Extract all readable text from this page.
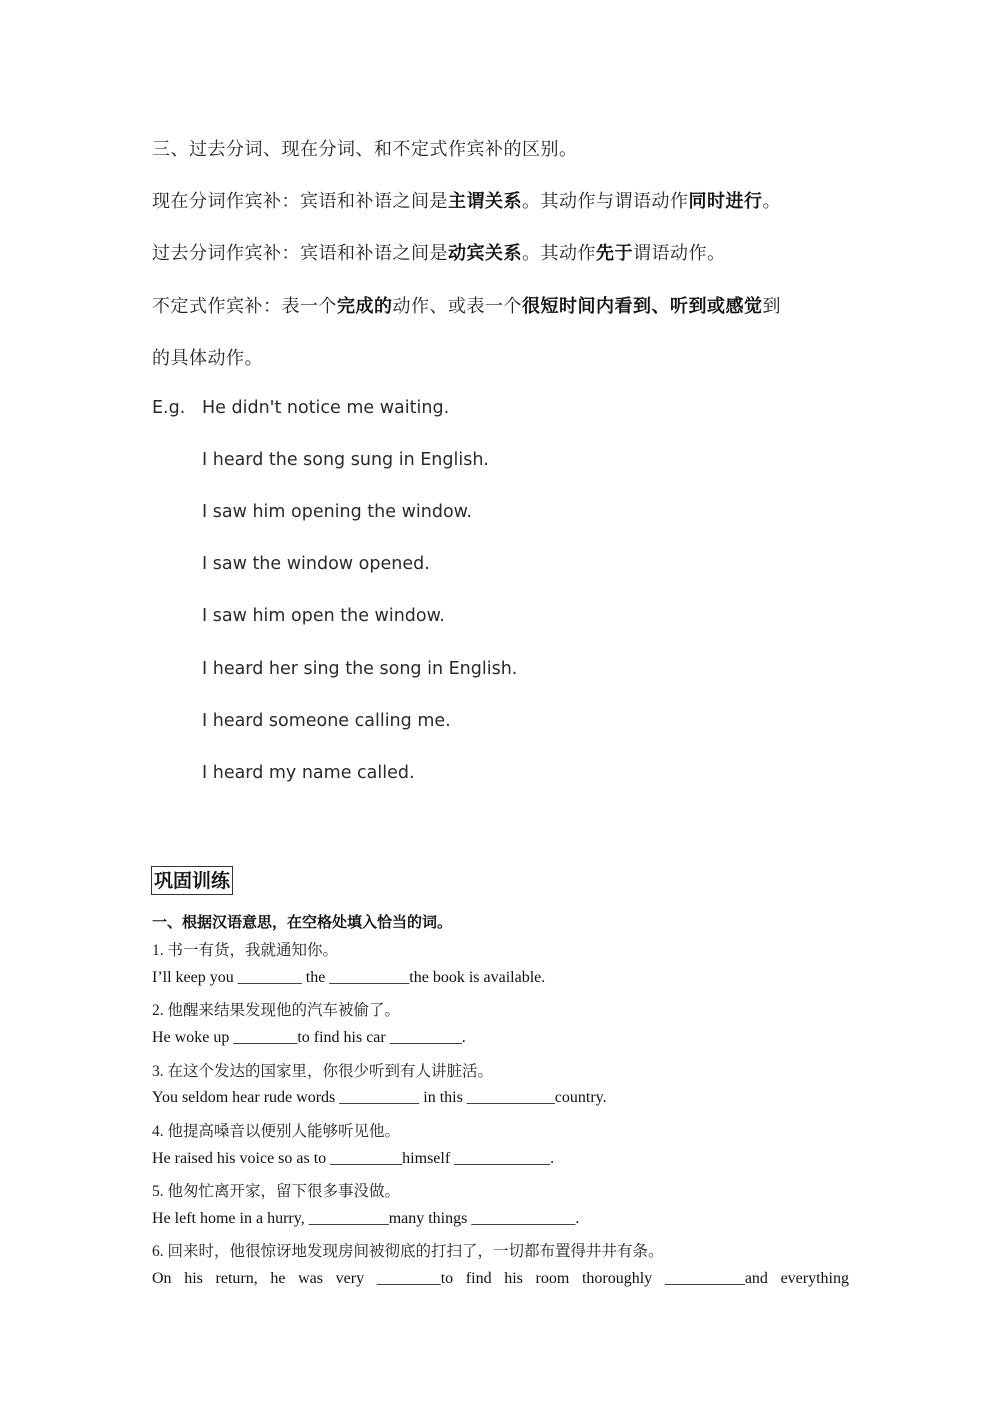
三、过去分词、现在分词、和不定式作宾补的区别。
现在分词作宾补：宾语和补语之间是主谓关系。其动作与谓语动作同时进行。
过去分词作宾补：宾语和补语之间是动宾关系。其动作先于谓语动作。
不定式作宾补：表一个完成的动作、或表一个很短时间内看到、听到或感觉到
的具体动作。
E.g. He didn't notice me waiting.
I heard the song sung in English.
I saw him opening the window.
I saw the window opened.
I saw him open the window.
I heard her sing the song in English.
I heard someone calling me.
I heard my name called.
巩固训练
一、根据汉语意思，在空格处填入恰当的词。
1. 书一有货，我就通知你。
I’ll keep you ________ the __________the book is available.
2. 他醒来结果发现他的汽车被偷了。
He woke up ________to find his car _________.
3. 在这个发达的国家里，你很少听到有人讲脏活。
You seldom hear rude words __________ in this ___________country.
4. 他提高嗓音以便别人能够听见他。
He raised his voice so as to _________himself ____________.
5. 他匆忙离开家，留下很多事没做。
He left home in a hurry, __________many things _____________.
6. 回来时，他很惊讶地发现房间被彻底的打扫了，一切都布置得井井有条。
On his return, he was very ________to find his room thoroughly __________and everything
